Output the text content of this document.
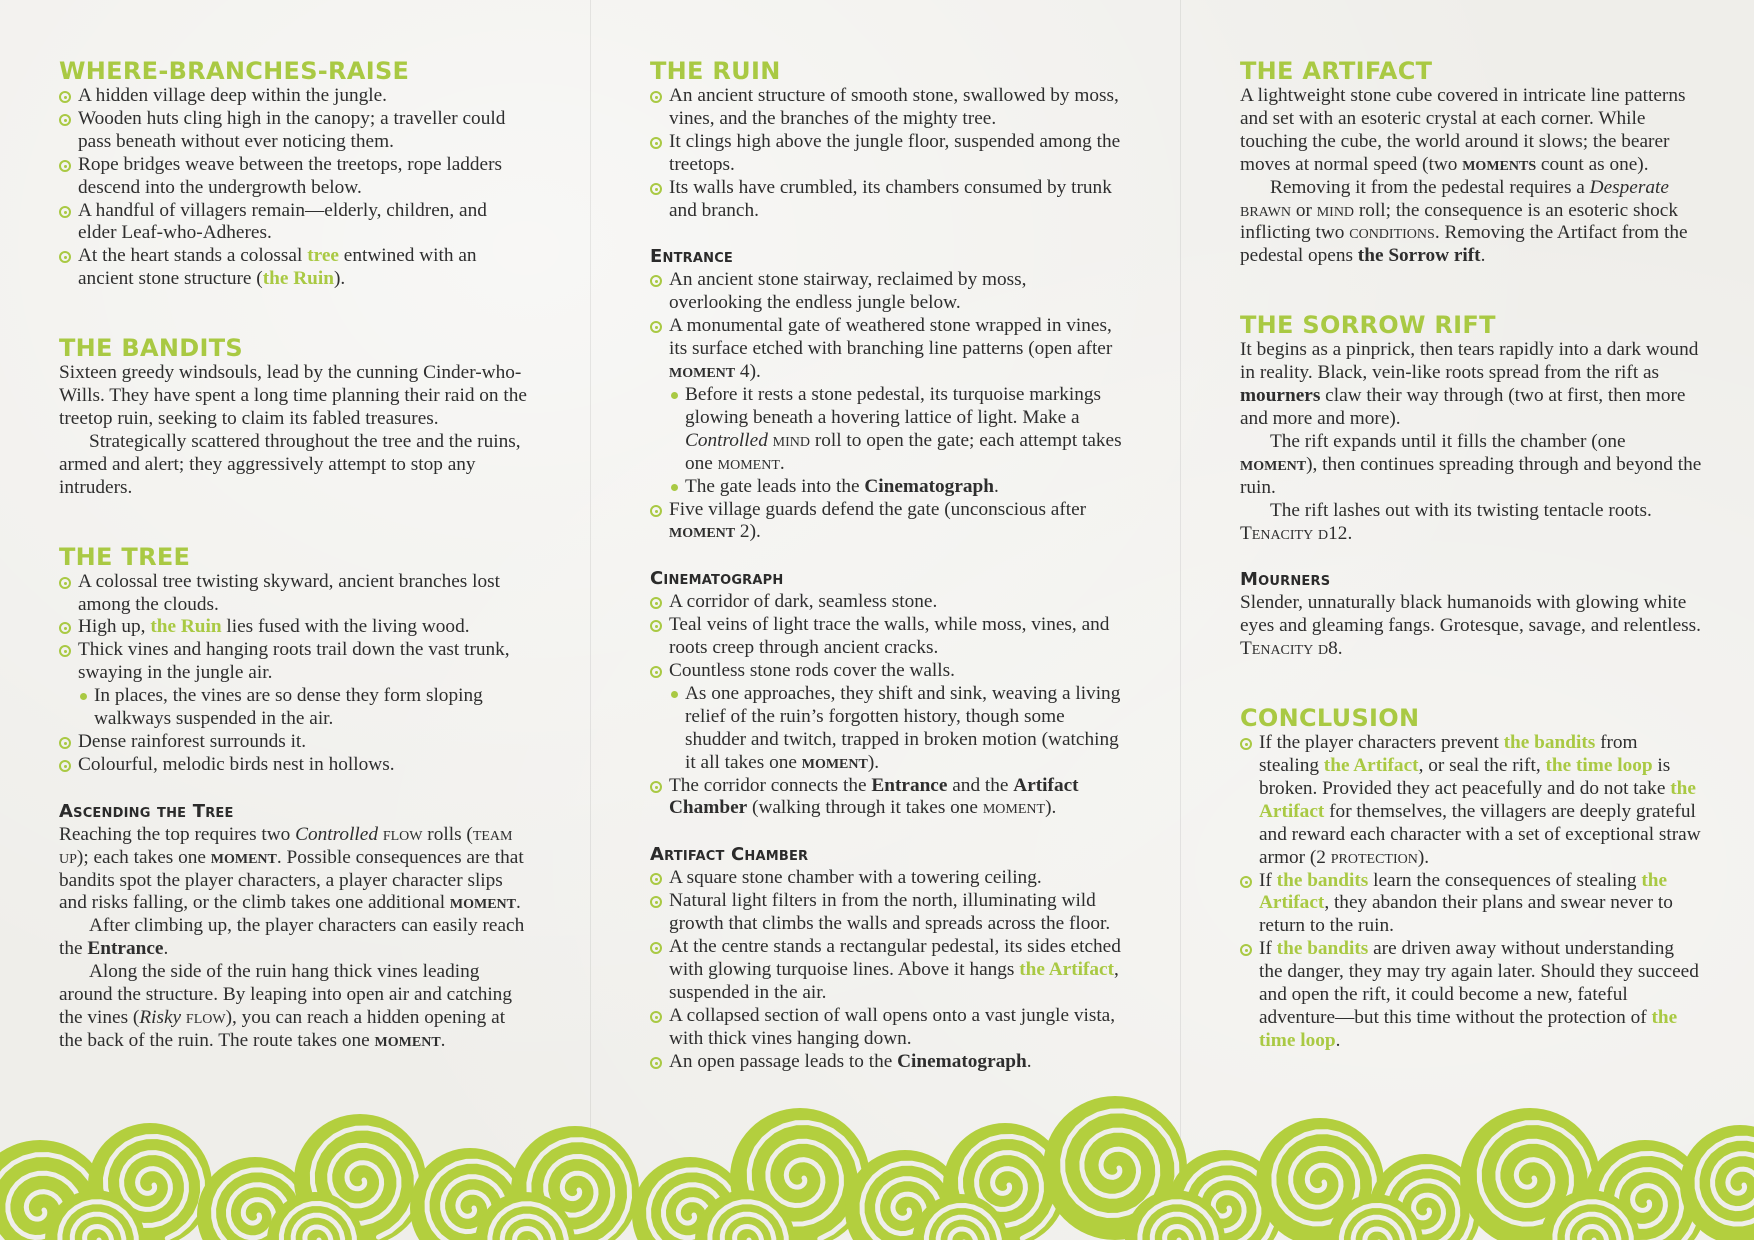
WHERE-BRANCHES-RAISE
A hidden village deep within the jungle.
Wooden huts cling high in the canopy; a traveller could pass beneath without ever noticing them.
Rope bridges weave between the treetops, rope ladders descend into the undergrowth below.
A handful of villagers remain—elderly, children, and elder Leaf-who-Adheres.
At the heart stands a colossal tree entwined with an ancient stone structure (the Ruin).
THE BANDITS

Sixteen greedy windsouls, lead by the cunning Cinder-who-Wills. They have spent a long time planning their raid on the treetop ruin, seeking to claim its fabled treasures.

Strategically scattered throughout the tree and the ruins, armed and alert; they aggressively attempt to stop any intruders.

THE TREE
A colossal tree twisting skyward, ancient branches lost among the clouds.
High up, the Ruin lies fused with the living wood.
Thick vines and hanging roots trail down the vast trunk, swaying in the jungle air.
In places, the vines are so dense they form sloping walkways suspended in the air.
Dense rainforest surrounds it.
Colourful, melodic birds nest in hollows.
Ascending the Tree

Reaching the top requires two Controlled flow rolls (team up); each takes one moment. Possible consequences are that bandits spot the player characters, a player character slips and risks falling, or the climb takes one additional moment.

After climbing up, the player characters can easily reach the Entrance.

Along the side of the ruin hang thick vines leading around the structure. By leaping into open air and catching the vines (Risky flow), you can reach a hidden opening at the back of the ruin. The route takes one moment.

THE RUIN
An ancient structure of smooth stone, swallowed by moss, vines, and the branches of the mighty tree.
It clings high above the jungle floor, suspended among the treetops.
Its walls have crumbled, its chambers consumed by trunk and branch.
Entrance
An ancient stone stairway, reclaimed by moss, overlooking the endless jungle below.
A monumental gate of weathered stone wrapped in vines, its surface etched with branching line patterns (open after moment 4).
Before it rests a stone pedestal, its turquoise markings glowing beneath a hovering lattice of light. Make a Controlled mind roll to open the gate; each attempt takes one moment.
The gate leads into the Cinematograph.
Five village guards defend the gate (unconscious after moment 2).
Cinematograph
A corridor of dark, seamless stone.
Teal veins of light trace the walls, while moss, vines, and roots creep through ancient cracks.
Countless stone rods cover the walls.
As one approaches, they shift and sink, weaving a living relief of the ruin’s forgotten history, though some shudder and twitch, trapped in broken motion (watching it all takes one moment).
The corridor connects the Entrance and the Artifact Chamber (walking through it takes one moment).
Artifact Chamber
A square stone chamber with a towering ceiling.
Natural light filters in from the north, illuminating wild growth that climbs the walls and spreads across the floor.
At the centre stands a rectangular pedestal, its sides etched with glowing turquoise lines. Above it hangs the Artifact, suspended in the air.
A collapsed section of wall opens onto a vast jungle vista, with thick vines hanging down.
An open passage leads to the Cinematograph.
THE ARTIFACT

A lightweight stone cube covered in intricate line patterns and set with an esoteric crystal at each corner. While touching the cube, the world around it slows; the bearer moves at normal speed (two moments count as one).

Removing it from the pedestal requires a Desperate brawn or mind roll; the consequence is an esoteric shock inflicting two conditions. Removing the Artifact from the pedestal opens the Sorrow rift.

THE SORROW RIFT

It begins as a pinprick, then tears rapidly into a dark wound in reality. Black, vein-like roots spread from the rift as mourners claw their way through (two at first, then more and more and more).

The rift expands until it fills the chamber (one moment), then continues spreading through and beyond the ruin.

The rift lashes out with its twisting tentacle roots. Tenacity d12.

Mourners

Slender, unnaturally black humanoids with glowing white eyes and gleaming fangs. Grotesque, savage, and relentless. Tenacity d8.

CONCLUSION
If the player characters prevent the bandits from stealing the Artifact, or seal the rift, the time loop is broken. Provided they act peacefully and do not take the Artifact for themselves, the villagers are deeply grateful and reward each character with a set of exceptional straw armor (2 protection).
If the bandits learn the consequences of stealing the Artifact, they abandon their plans and swear never to return to the ruin.
If the bandits are driven away without understanding the danger, they may try again later. Should they succeed and open the rift, it could become a new, fateful adventure—but this time without the protection of the time loop.
